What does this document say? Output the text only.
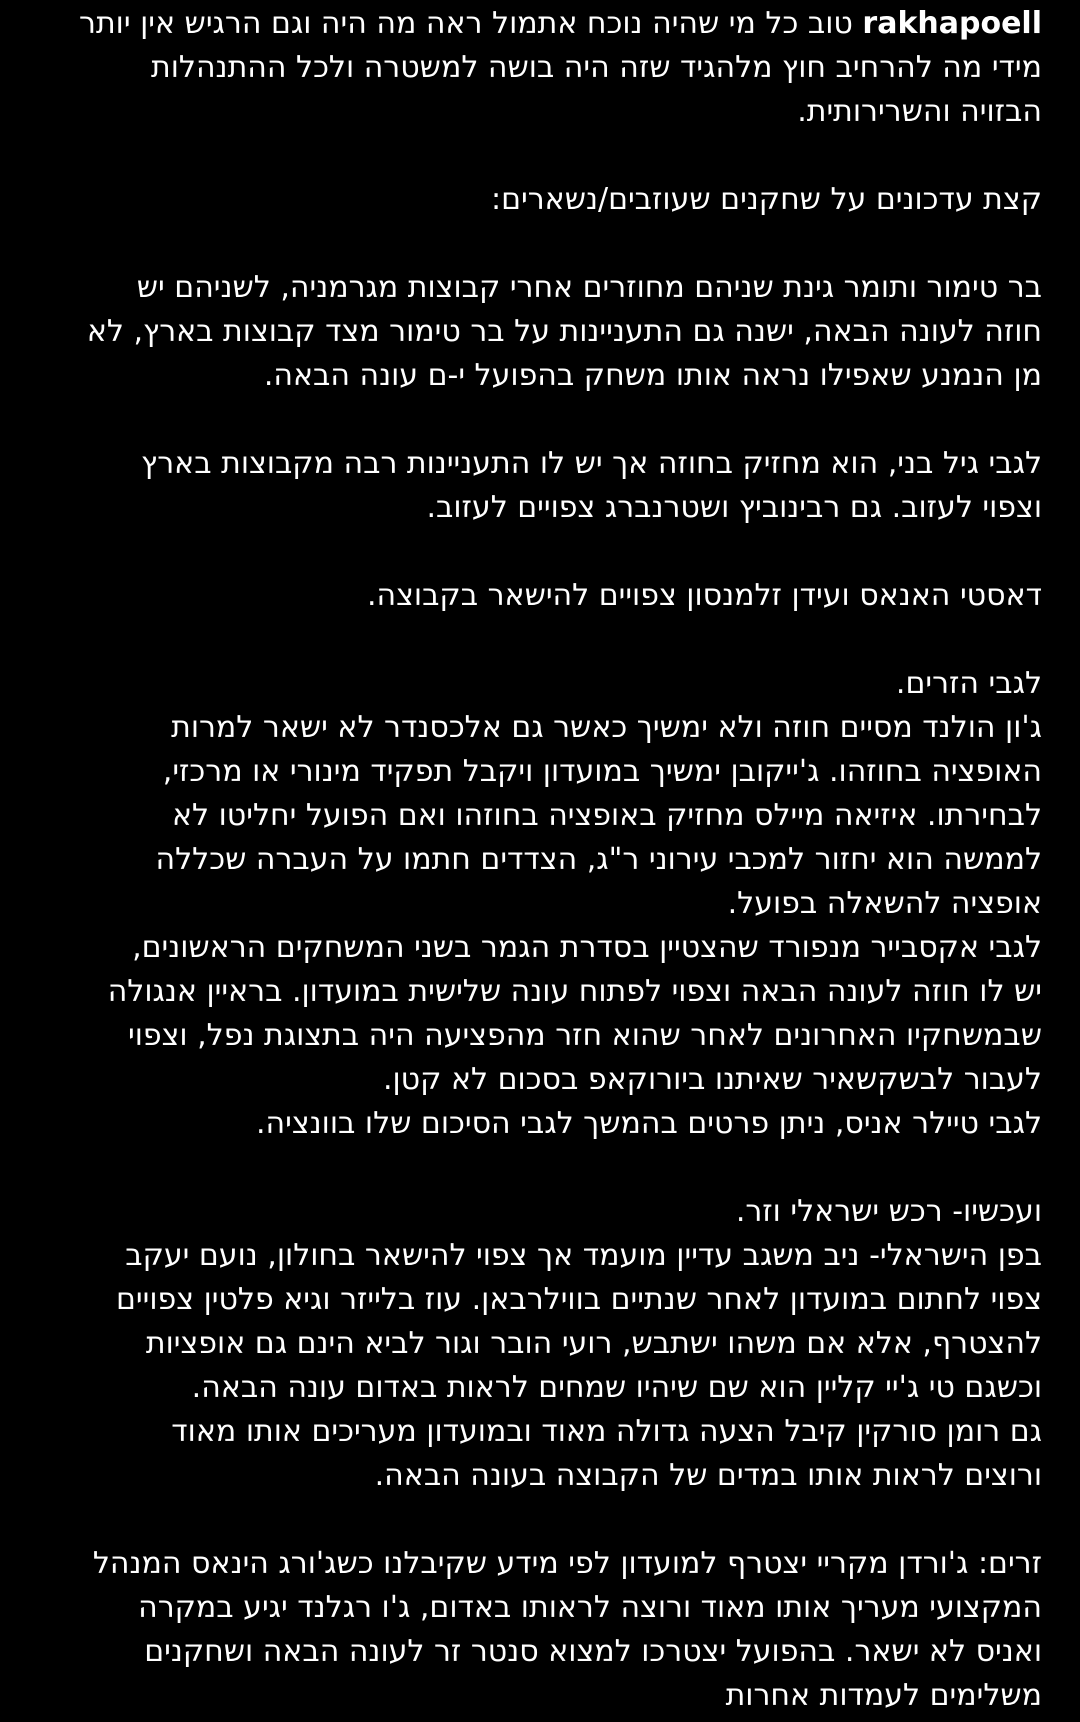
rakhapoell טוב כל מי שהיה נוכח אתמול ראה מה היה וגם הרגיש אין יותר
מידי מה להרחיב חוץ מלהגיד שזה היה בושה למשטרה ולכל ההתנהלות
הבזויה והשרירותית.
קצת עדכונים על שחקנים שעוזבים/נשארים:
בר טימור ותומר גינת שניהם מחוזרים אחרי קבוצות מגרמניה, לשניהם יש
חוזה לעונה הבאה, ישנה גם התעניינות על בר טימור מצד קבוצות בארץ, לא
מן הנמנע שאפילו נראה אותו משחק בהפועל י-ם עונה הבאה.
לגבי גיל בני, הוא מחזיק בחוזה אך יש לו התעניינות רבה מקבוצות בארץ
וצפוי לעזוב. גם רבינוביץ ושטרנברג צפויים לעזוב.
דאסטי האנאס ועידן זלמנסון צפויים להישאר בקבוצה.
לגבי הזרים.
ג'ון הולנד מסיים חוזה ולא ימשיך כאשר גם אלכסנדר לא ישאר למרות
האופציה בחוזהו. ג'ייקובן ימשיך במועדון ויקבל תפקיד מינורי או מרכזי,
לבחירתו. איזיאה מיילס מחזיק באופציה בחוזהו ואם הפועל יחליטו לא
לממשה הוא יחזור למכבי עירוני ר"ג, הצדדים חתמו על העברה שכללה
אופציה להשאלה בפועל.
לגבי אקסבייר מנפורד שהצטיין בסדרת הגמר בשני המשחקים הראשונים,
יש לו חוזה לעונה הבאה וצפוי לפתוח עונה שלישית במועדון. בראיין אנגולה
שבמשחקיו האחרונים לאחר שהוא חזר מהפציעה היה בתצוגת נפל, וצפוי
לעבור לבשקשאיר שאיתנו ביורוקאפ בסכום לא קטן.
לגבי טיילר אניס, ניתן פרטים בהמשך לגבי הסיכום שלו בוונציה.
ועכשיו- רכש ישראלי וזר.
בפן הישראלי- ניב משגב עדיין מועמד אך צפוי להישאר בחולון, נועם יעקב
צפוי לחתום במועדון לאחר שנתיים בווילרבאן. עוז בלייזר וגיא פלטין צפויים
להצטרף, אלא אם משהו ישתבש, רועי הובר וגור לביא הינם גם אופציות
וכשגם טי ג'יי קליין הוא שם שיהיו שמחים לראות באדום עונה הבאה.
גם רומן סורקין קיבל הצעה גדולה מאוד ובמועדון מעריכים אותו מאוד
ורוצים לראות אותו במדים של הקבוצה בעונה הבאה.
זרים: ג'ורדן מקריי יצטרף למועדון לפי מידע שקיבלנו כשג'ורג הינאס המנהל
המקצועי מעריך אותו מאוד ורוצה לראותו באדום, ג'ו רגלנד יגיע במקרה
ואניס לא ישאר. בהפועל יצטרכו למצוא סנטר זר לעונה הבאה ושחקנים
משלימים לעמדות אחרות
